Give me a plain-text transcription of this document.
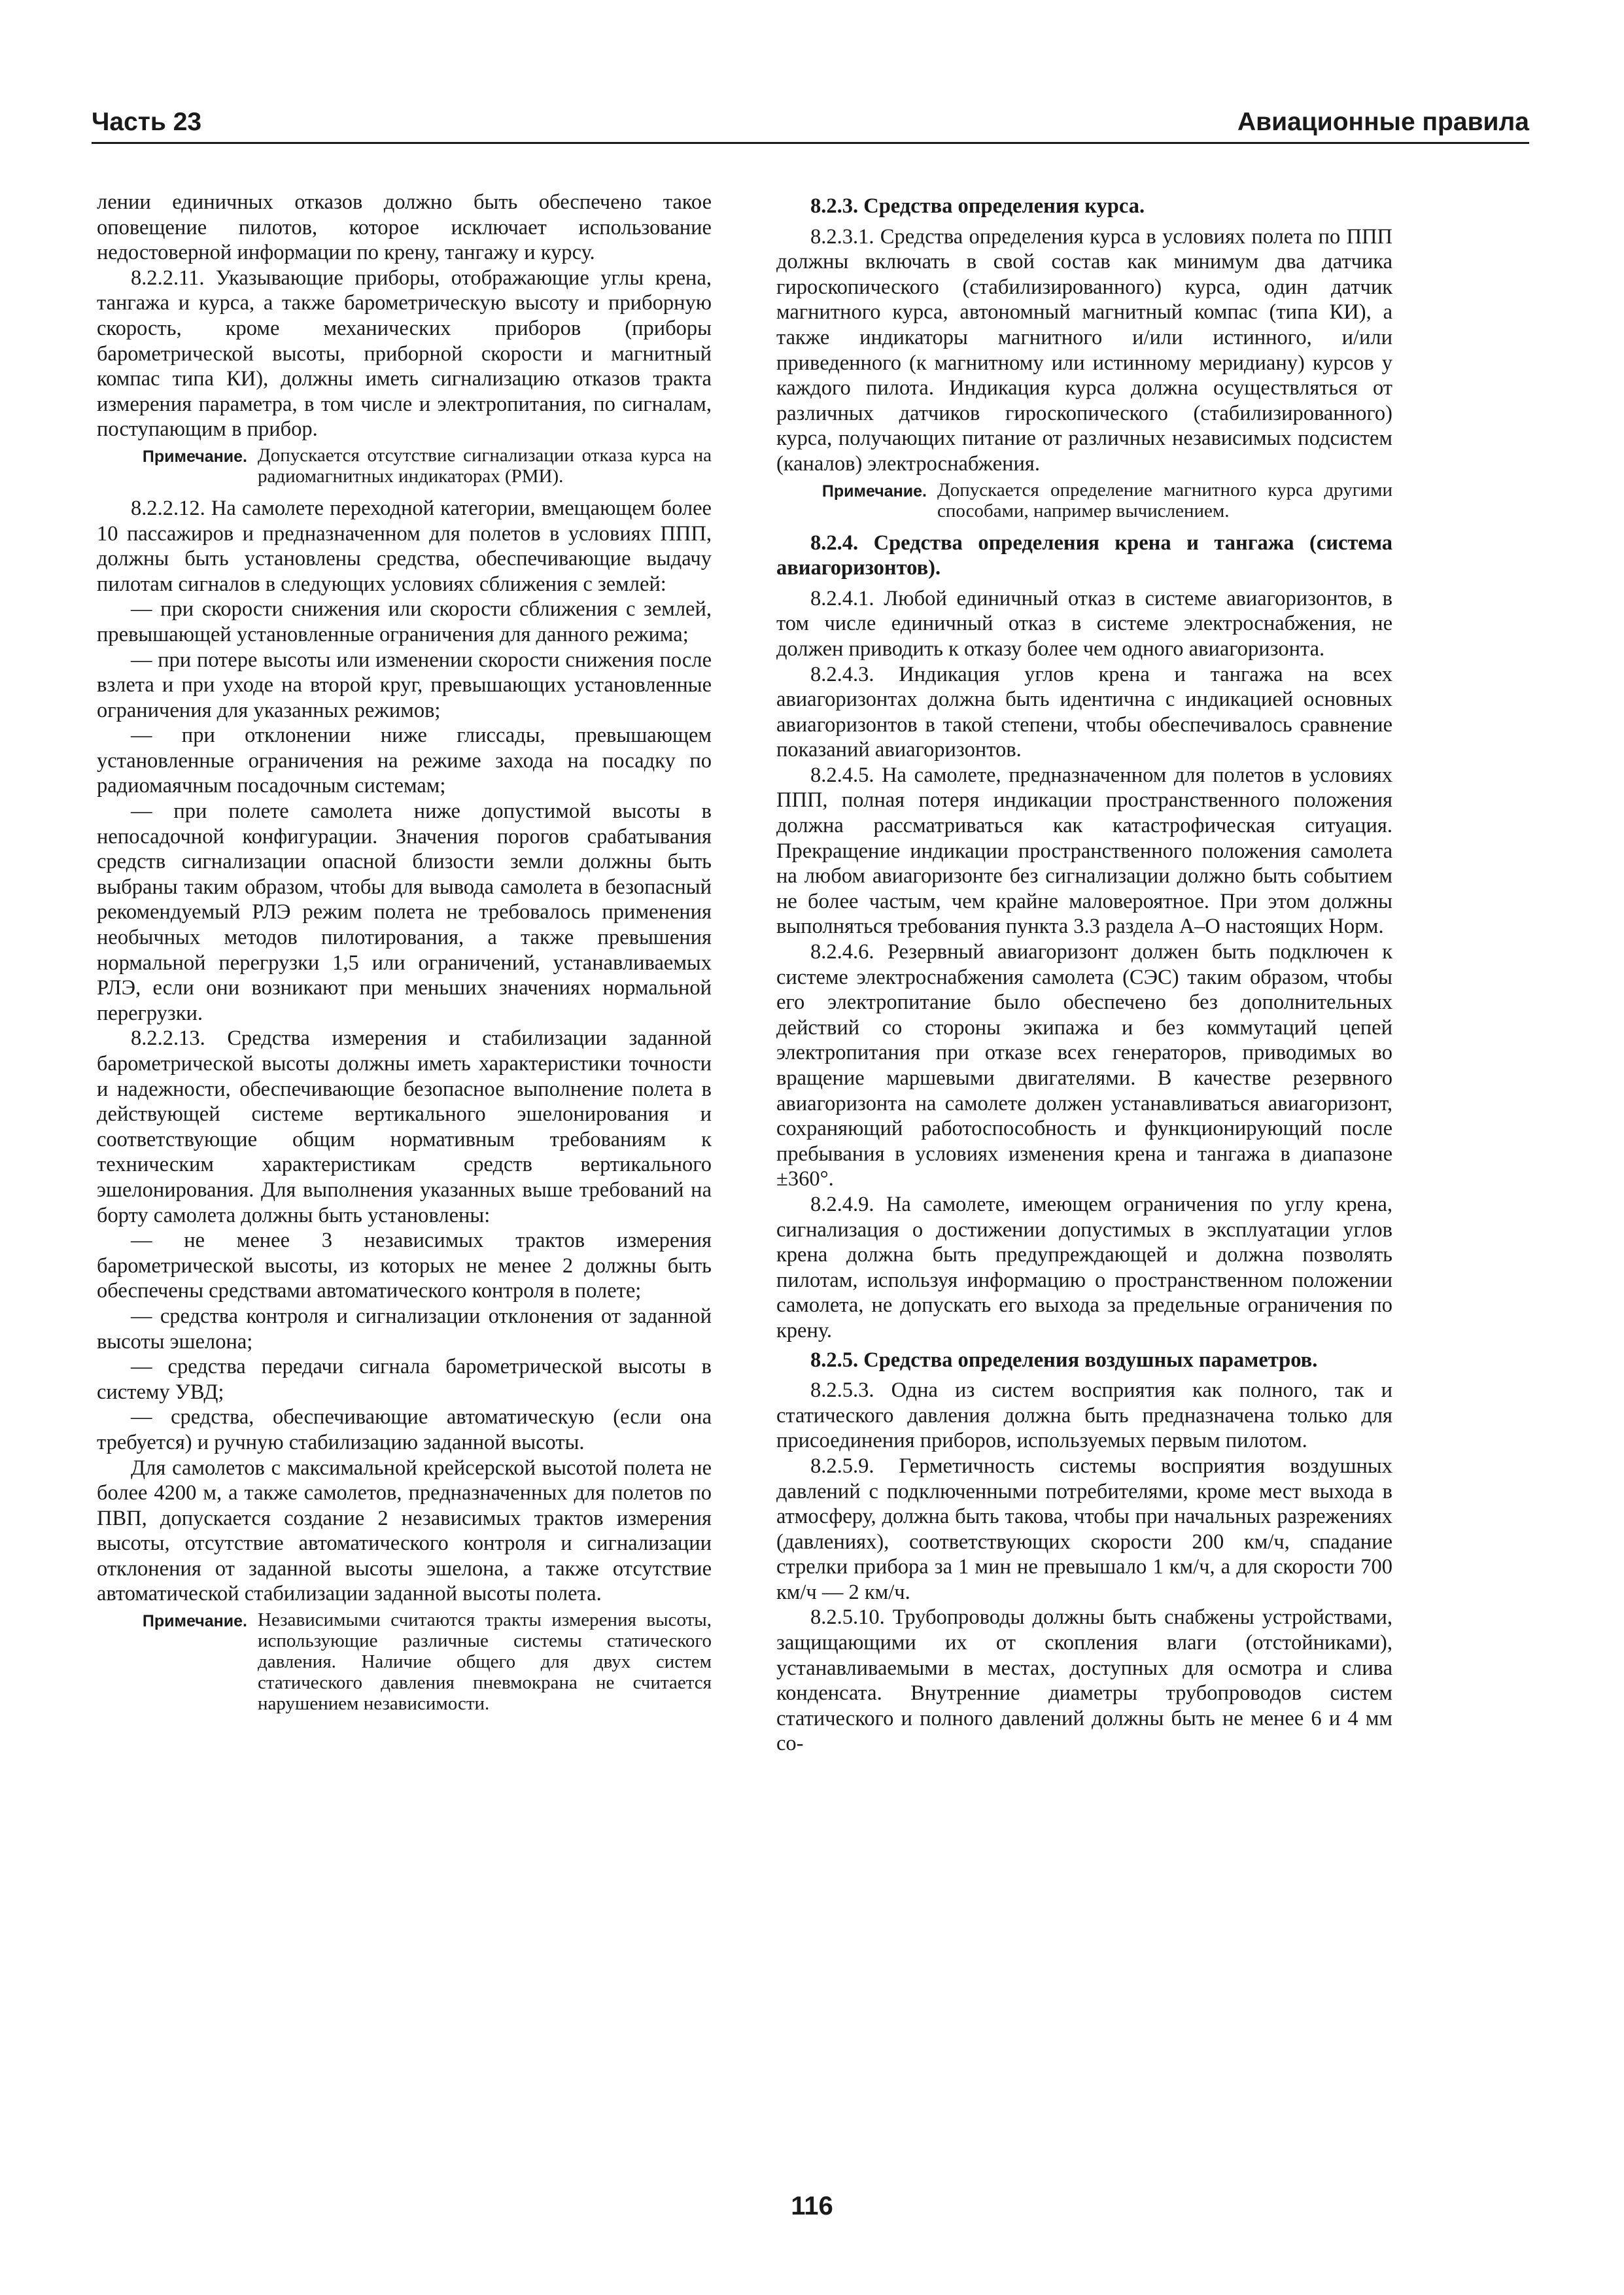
Часть 23	Авиационные правила

лении единичных отказов должно быть обеспечено такое оповещение пилотов, которое исключает использование недостоверной информации по крену, тангажу и курсу.

8.2.2.11. Указывающие приборы, отображающие углы крена, тангажа и курса, а также барометрическую высоту и приборную скорость, кроме механических приборов (приборы барометрической высоты, приборной скорости и магнитный компас типа КИ), должны иметь сигнализацию отказов тракта измерения параметра, в том числе и электропитания, по сигналам, поступающим в прибор.

Примечание. Допускается отсутствие сигнализации отказа курса на радиомагнитных индикаторах (РМИ).

8.2.2.12. На самолете переходной категории, вмещающем более 10 пассажиров и предназначенном для полетов в условиях ППП, должны быть установлены средства, обеспечивающие выдачу пилотам сигналов в следующих условиях сближения с землей:

— при скорости снижения или скорости сближения с землей, превышающей установленные ограничения для данного режима;

— при потере высоты или изменении скорости снижения после взлета и при уходе на второй круг, превышающих установленные ограничения для указанных режимов;

— при отклонении ниже глиссады, превышающем установленные ограничения на режиме захода на посадку по радиомаячным посадочным системам;

— при полете самолета ниже допустимой высоты в непосадочной конфигурации. Значения порогов срабатывания средств сигнализации опасной близости земли должны быть выбраны таким образом, чтобы для вывода самолета в безопасный рекомендуемый РЛЭ режим полета не требовалось применения необычных методов пилотирования, а также превышения нормальной перегрузки 1,5 или ограничений, устанавливаемых РЛЭ, если они возникают при меньших значениях нормальной перегрузки.

8.2.2.13. Средства измерения и стабилизации заданной барометрической высоты должны иметь характеристики точности и надежности, обеспечивающие безопасное выполнение полета в действующей системе вертикального эшелонирования и соответствующие общим нормативным требованиям к техническим характеристикам средств вертикального эшелонирования. Для выполнения указанных выше требований на борту самолета должны быть установлены:

— не менее 3 независимых трактов измерения барометрической высоты, из которых не менее 2 должны быть обеспечены средствами автоматического контроля в полете;

— средства контроля и сигнализации отклонения от заданной высоты эшелона;

— средства передачи сигнала барометрической высоты в систему УВД;

— средства, обеспечивающие автоматическую (если она требуется) и ручную стабилизацию заданной высоты.

Для самолетов с максимальной крейсерской высотой полета не более 4200 м, а также самолетов, предназначенных для полетов по ПВП, допускается создание 2 независимых трактов измерения высоты, отсутствие автоматического контроля и сигнализации отклонения от заданной высоты эшелона, а также отсутствие автоматической стабилизации заданной высоты полета.

Примечание. Независимыми считаются тракты измерения высоты, использующие различные системы статического давления. Наличие общего для двух систем статического давления пневмокрана не считается нарушением независимости.

8.2.3. Средства определения курса.

8.2.3.1. Средства определения курса в условиях полета по ППП должны включать в свой состав как минимум два датчика гироскопического (стабилизированного) курса, один датчик магнитного курса, автономный магнитный компас (типа КИ), а также индикаторы магнитного и/или истинного, и/или приведенного (к магнитному или истинному меридиану) курсов у каждого пилота. Индикация курса должна осуществляться от различных датчиков гироскопического (стабилизированного) курса, получающих питание от различных независимых подсистем (каналов) электроснабжения.

Примечание. Допускается определение магнитного курса другими способами, например вычислением.

8.2.4. Средства определения крена и тангажа (система авиагоризонтов).

8.2.4.1. Любой единичный отказ в системе авиагоризонтов, в том числе единичный отказ в системе электроснабжения, не должен приводить к отказу более чем одного авиагоризонта.

8.2.4.3. Индикация углов крена и тангажа на всех авиагоризонтах должна быть идентична с индикацией основных авиагоризонтов в такой степени, чтобы обеспечивалось сравнение показаний авиагоризонтов.

8.2.4.5. На самолете, предназначенном для полетов в условиях ППП, полная потеря индикации пространственного положения должна рассматриваться как катастрофическая ситуация. Прекращение индикации пространственного положения самолета на любом авиагоризонте без сигнализации должно быть событием не более частым, чем крайне маловероятное. При этом должны выполняться требования пункта 3.3 раздела А–О настоящих Норм.

8.2.4.6. Резервный авиагоризонт должен быть подключен к системе электроснабжения самолета (СЭС) таким образом, чтобы его электропитание было обеспечено без дополнительных действий со стороны экипажа и без коммутаций цепей электропитания при отказе всех генераторов, приводимых во вращение маршевыми двигателями. В качестве резервного авиагоризонта на самолете должен устанавливаться авиагоризонт, сохраняющий работоспособность и функционирующий после пребывания в условиях изменения крена и тангажа в диапазоне ±360°.

8.2.4.9. На самолете, имеющем ограничения по углу крена, сигнализация о достижении допустимых в эксплуатации углов крена должна быть предупреждающей и должна позволять пилотам, используя информацию о пространственном положении самолета, не допускать его выхода за предельные ограничения по крену.

8.2.5. Средства определения воздушных параметров.

8.2.5.3. Одна из систем восприятия как полного, так и статического давления должна быть предназначена только для присоединения приборов, используемых первым пилотом.

8.2.5.9. Герметичность системы восприятия воздушных давлений с подключенными потребителями, кроме мест выхода в атмосферу, должна быть такова, чтобы при начальных разрежениях (давлениях), соответствующих скорости 200 км/ч, спадание стрелки прибора за 1 мин не превышало 1 км/ч, а для скорости 700 км/ч — 2 км/ч.

8.2.5.10. Трубопроводы должны быть снабжены устройствами, защищающими их от скопления влаги (отстойниками), устанавливаемыми в местах, доступных для осмотра и слива конденсата. Внутренние диаметры трубопроводов систем статического и полного давлений должны быть не менее 6 и 4 мм со-

116
